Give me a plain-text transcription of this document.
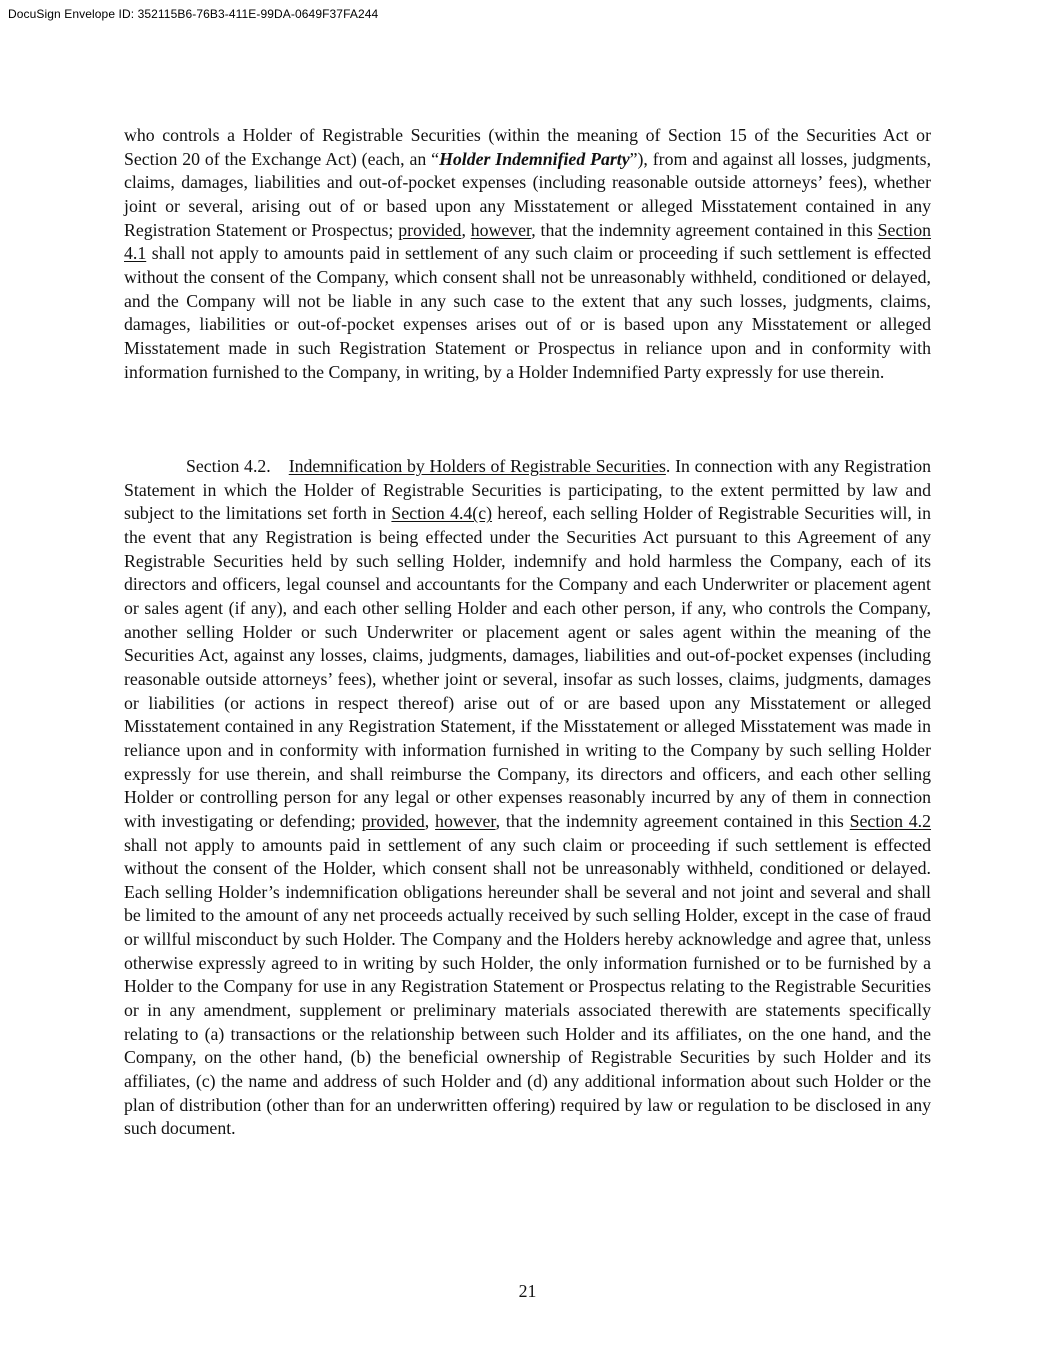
DocuSign Envelope ID: 352115B6-76B3-411E-99DA-0649F37FA244

who controls a Holder of Registrable Securities (within the meaning of Section 15 of the Securities Act or Section 20 of the Exchange Act) (each, an “Holder Indemnified Party”), from and against all losses, judgments, claims, damages, liabilities and out-of-pocket expenses (including reasonable outside attorneys’ fees), whether joint or several, arising out of or based upon any Misstatement or alleged Misstatement contained in any Registration Statement or Prospectus; provided, however, that the indemnity agreement contained in this Section 4.1 shall not apply to amounts paid in settlement of any such claim or proceeding if such settlement is effected without the consent of the Company, which consent shall not be unreasonably withheld, conditioned or delayed, and the Company will not be liable in any such case to the extent that any such losses, judgments, claims, damages, liabilities or out-of-pocket expenses arises out of or is based upon any Misstatement or alleged Misstatement made in such Registration Statement or Prospectus in reliance upon and in conformity with information furnished to the Company, in writing, by a Holder Indemnified Party expressly for use therein.

Section 4.2. Indemnification by Holders of Registrable Securities. In connection with any Registration Statement in which the Holder of Registrable Securities is participating, to the extent permitted by law and subject to the limitations set forth in Section 4.4(c) hereof, each selling Holder of Registrable Securities will, in the event that any Registration is being effected under the Securities Act pursuant to this Agreement of any Registrable Securities held by such selling Holder, indemnify and hold harmless the Company, each of its directors and officers, legal counsel and accountants for the Company and each Underwriter or placement agent or sales agent (if any), and each other selling Holder and each other person, if any, who controls the Company, another selling Holder or such Underwriter or placement agent or sales agent within the meaning of the Securities Act, against any losses, claims, judgments, damages, liabilities and out-of-pocket expenses (including reasonable outside attorneys’ fees), whether joint or several, insofar as such losses, claims, judgments, damages or liabilities (or actions in respect thereof) arise out of or are based upon any Misstatement or alleged Misstatement contained in any Registration Statement, if the Misstatement or alleged Misstatement was made in reliance upon and in conformity with information furnished in writing to the Company by such selling Holder expressly for use therein, and shall reimburse the Company, its directors and officers, and each other selling Holder or controlling person for any legal or other expenses reasonably incurred by any of them in connection with investigating or defending; provided, however, that the indemnity agreement contained in this Section 4.2 shall not apply to amounts paid in settlement of any such claim or proceeding if such settlement is effected without the consent of the Holder, which consent shall not be unreasonably withheld, conditioned or delayed. Each selling Holder’s indemnification obligations hereunder shall be several and not joint and several and shall be limited to the amount of any net proceeds actually received by such selling Holder, except in the case of fraud or willful misconduct by such Holder. The Company and the Holders hereby acknowledge and agree that, unless otherwise expressly agreed to in writing by such Holder, the only information furnished or to be furnished by a Holder to the Company for use in any Registration Statement or Prospectus relating to the Registrable Securities or in any amendment, supplement or preliminary materials associated therewith are statements specifically relating to (a) transactions or the relationship between such Holder and its affiliates, on the one hand, and the Company, on the other hand, (b) the beneficial ownership of Registrable Securities by such Holder and its affiliates, (c) the name and address of such Holder and (d) any additional information about such Holder or the plan of distribution (other than for an underwritten offering) required by law or regulation to be disclosed in any such document.

21
